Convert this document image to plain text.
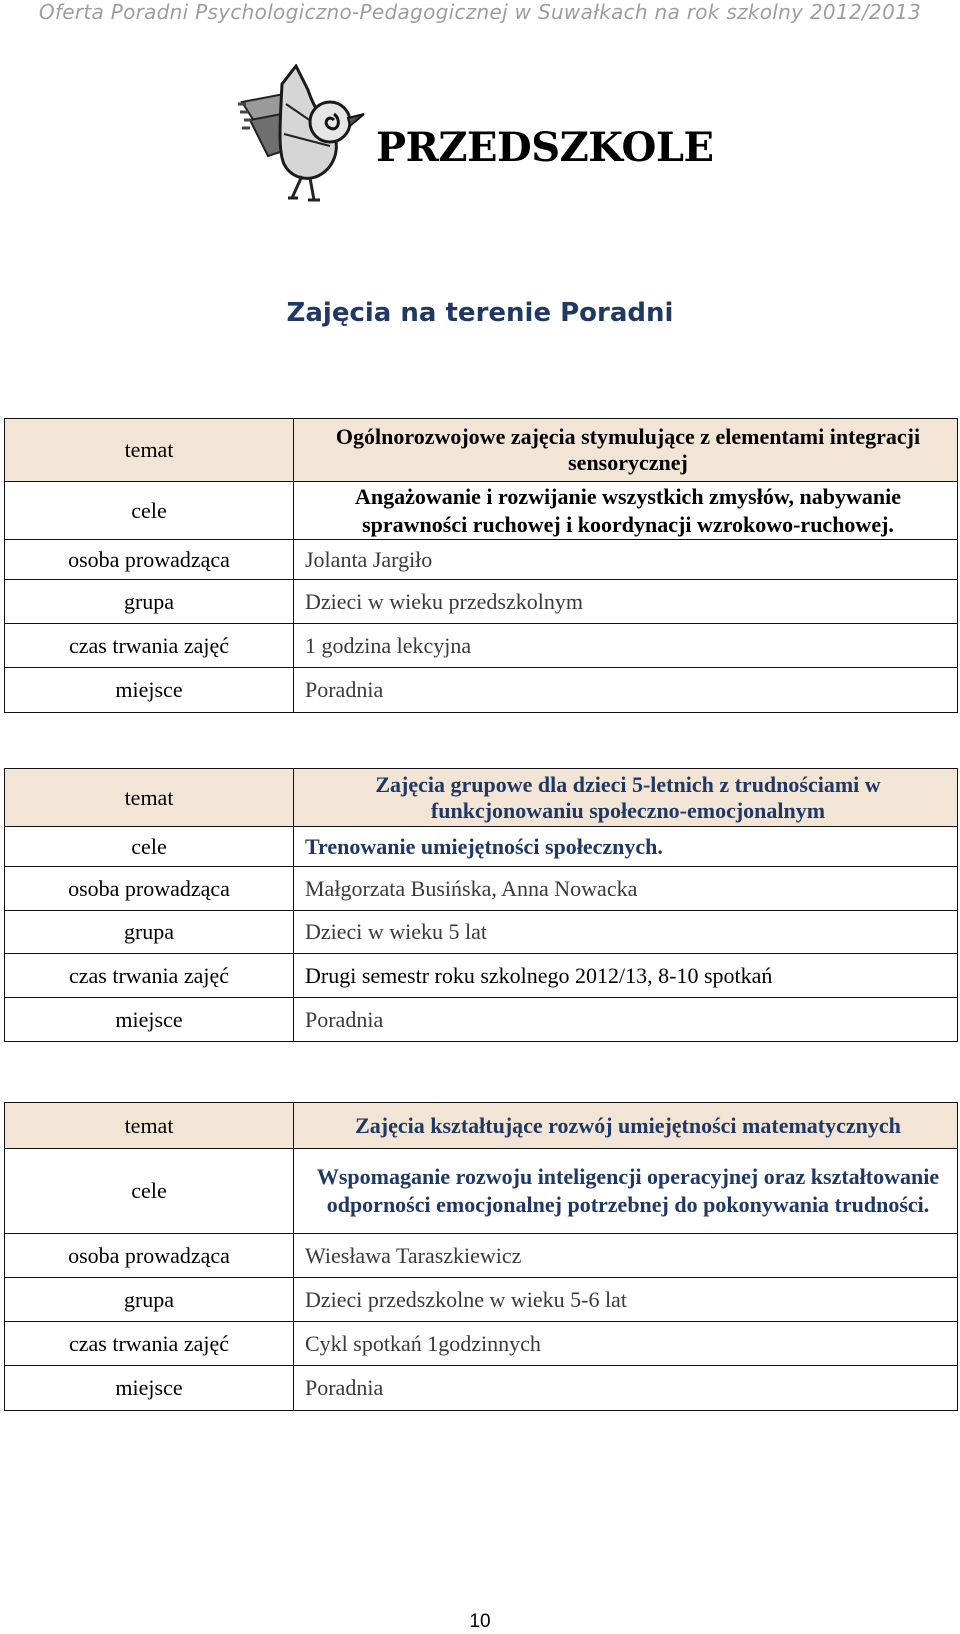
Oferta Poradni Psychologiczno-Pedagogicznej w Suwałkach na rok szkolny 2012/2013
PRZEDSZKOLE
Zajęcia na terenie Poradni
temat	Ogólnorozwojowe zajęcia stymulujące z elementami integracji sensorycznej
cele	Angażowanie i rozwijanie wszystkich zmysłów, nabywanie sprawności ruchowej i koordynacji wzrokowo-ruchowej.
osoba prowadząca	Jolanta Jargiło
grupa	Dzieci w wieku przedszkolnym
czas trwania zajęć	1 godzina lekcyjna
miejsce	Poradnia
temat	Zajęcia grupowe dla dzieci 5-letnich z trudnościami w funkcjonowaniu społeczno-emocjonalnym
cele	Trenowanie umiejętności społecznych.
osoba prowadząca	Małgorzata Busińska, Anna Nowacka
grupa	Dzieci w wieku 5 lat
czas trwania zajęć	Drugi semestr roku szkolnego 2012/13, 8-10 spotkań
miejsce	Poradnia
temat	Zajęcia kształtujące rozwój umiejętności matematycznych
cele	Wspomaganie rozwoju inteligencji operacyjnej oraz kształtowanie odporności emocjonalnej potrzebnej do pokonywania trudności.
osoba prowadząca	Wiesława Taraszkiewicz
grupa	Dzieci przedszkolne w wieku 5-6 lat
czas trwania zajęć	Cykl spotkań 1godzinnych
miejsce	Poradnia
10
